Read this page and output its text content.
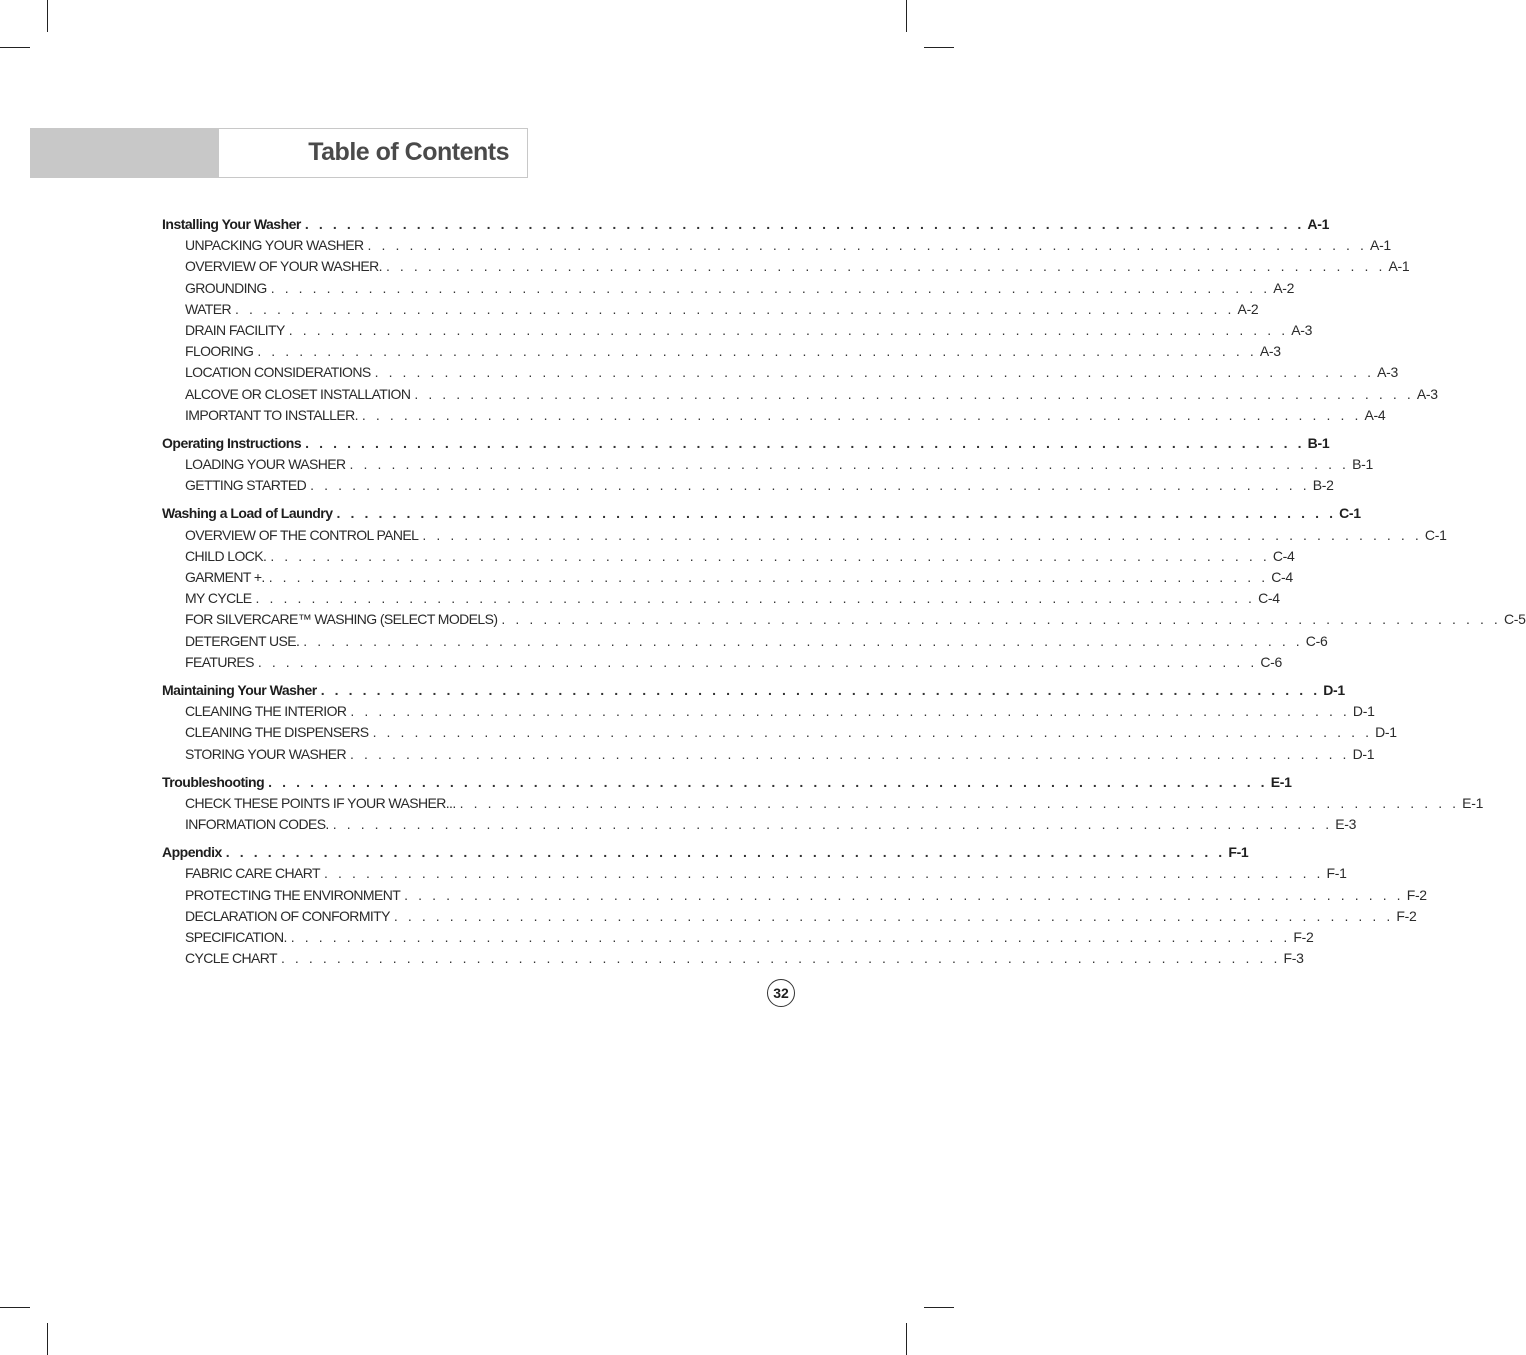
Table of Contents
Installing Your Washer . . . . . . . . . . . . . . . . . . . . . . . . . . . . . . . . . . . . . . . . . . . . . . . . . . . . . . . . . . . . . . . . . . . . . . . . A-1
UNPACKING YOUR WASHER . . . . . . . . . . . . . . . . . . . . . . . . . . . . . . . . . . . . . . . . . . . . . . . . . . . . . . . . . . . . . . . . . . . . . . . . A-1
OVERVIEW OF YOUR WASHER. . . . . . . . . . . . . . . . . . . . . . . . . . . . . . . . . . . . . . . . . . . . . . . . . . . . . . . . . . . . . . . . . . . . . . . . . A-1
GROUNDING . . . . . . . . . . . . . . . . . . . . . . . . . . . . . . . . . . . . . . . . . . . . . . . . . . . . . . . . . . . . . . . . . . . . . . . . A-2
WATER . . . . . . . . . . . . . . . . . . . . . . . . . . . . . . . . . . . . . . . . . . . . . . . . . . . . . . . . . . . . . . . . . . . . . . . . A-2
DRAIN FACILITY . . . . . . . . . . . . . . . . . . . . . . . . . . . . . . . . . . . . . . . . . . . . . . . . . . . . . . . . . . . . . . . . . . . . . . . . A-3
FLOORING . . . . . . . . . . . . . . . . . . . . . . . . . . . . . . . . . . . . . . . . . . . . . . . . . . . . . . . . . . . . . . . . . . . . . . . . A-3
LOCATION CONSIDERATIONS . . . . . . . . . . . . . . . . . . . . . . . . . . . . . . . . . . . . . . . . . . . . . . . . . . . . . . . . . . . . . . . . . . . . . . . . A-3
ALCOVE OR CLOSET INSTALLATION . . . . . . . . . . . . . . . . . . . . . . . . . . . . . . . . . . . . . . . . . . . . . . . . . . . . . . . . . . . . . . . . . . . . . . . . A-3
IMPORTANT TO INSTALLER. . . . . . . . . . . . . . . . . . . . . . . . . . . . . . . . . . . . . . . . . . . . . . . . . . . . . . . . . . . . . . . . . . . . . . . . . A-4
Operating Instructions . . . . . . . . . . . . . . . . . . . . . . . . . . . . . . . . . . . . . . . . . . . . . . . . . . . . . . . . . . . . . . . . . . . . . . . . B-1
LOADING YOUR WASHER . . . . . . . . . . . . . . . . . . . . . . . . . . . . . . . . . . . . . . . . . . . . . . . . . . . . . . . . . . . . . . . . . . . . . . . . B-1
GETTING STARTED . . . . . . . . . . . . . . . . . . . . . . . . . . . . . . . . . . . . . . . . . . . . . . . . . . . . . . . . . . . . . . . . . . . . . . . . B-2
Washing a Load of Laundry . . . . . . . . . . . . . . . . . . . . . . . . . . . . . . . . . . . . . . . . . . . . . . . . . . . . . . . . . . . . . . . . . . . . . . . . C-1
OVERVIEW OF THE CONTROL PANEL . . . . . . . . . . . . . . . . . . . . . . . . . . . . . . . . . . . . . . . . . . . . . . . . . . . . . . . . . . . . . . . . . . . . . . . . C-1
CHILD LOCK. . . . . . . . . . . . . . . . . . . . . . . . . . . . . . . . . . . . . . . . . . . . . . . . . . . . . . . . . . . . . . . . . . . . . . . . . C-4
GARMENT +. . . . . . . . . . . . . . . . . . . . . . . . . . . . . . . . . . . . . . . . . . . . . . . . . . . . . . . . . . . . . . . . . . . . . . . . . C-4
MY CYCLE . . . . . . . . . . . . . . . . . . . . . . . . . . . . . . . . . . . . . . . . . . . . . . . . . . . . . . . . . . . . . . . . . . . . . . . . C-4
FOR SILVERCARE™ WASHING (SELECT MODELS) . . . . . . . . . . . . . . . . . . . . . . . . . . . . . . . . . . . . . . . . . . . . . . . . . . . . . . . . . . . . . . . . . . . . . . . . C-5
DETERGENT USE. . . . . . . . . . . . . . . . . . . . . . . . . . . . . . . . . . . . . . . . . . . . . . . . . . . . . . . . . . . . . . . . . . . . . . . . . C-6
FEATURES . . . . . . . . . . . . . . . . . . . . . . . . . . . . . . . . . . . . . . . . . . . . . . . . . . . . . . . . . . . . . . . . . . . . . . . . C-6
Maintaining Your Washer . . . . . . . . . . . . . . . . . . . . . . . . . . . . . . . . . . . . . . . . . . . . . . . . . . . . . . . . . . . . . . . . . . . . . . . . D-1
CLEANING THE INTERIOR . . . . . . . . . . . . . . . . . . . . . . . . . . . . . . . . . . . . . . . . . . . . . . . . . . . . . . . . . . . . . . . . . . . . . . . . D-1
CLEANING THE DISPENSERS . . . . . . . . . . . . . . . . . . . . . . . . . . . . . . . . . . . . . . . . . . . . . . . . . . . . . . . . . . . . . . . . . . . . . . . . D-1
STORING YOUR WASHER . . . . . . . . . . . . . . . . . . . . . . . . . . . . . . . . . . . . . . . . . . . . . . . . . . . . . . . . . . . . . . . . . . . . . . . . D-1
Troubleshooting . . . . . . . . . . . . . . . . . . . . . . . . . . . . . . . . . . . . . . . . . . . . . . . . . . . . . . . . . . . . . . . . . . . . . . . . E-1
CHECK THESE POINTS IF YOUR WASHER... . . . . . . . . . . . . . . . . . . . . . . . . . . . . . . . . . . . . . . . . . . . . . . . . . . . . . . . . . . . . . . . . . . . . . . . . E-1
INFORMATION CODES. . . . . . . . . . . . . . . . . . . . . . . . . . . . . . . . . . . . . . . . . . . . . . . . . . . . . . . . . . . . . . . . . . . . . . . . . E-3
Appendix . . . . . . . . . . . . . . . . . . . . . . . . . . . . . . . . . . . . . . . . . . . . . . . . . . . . . . . . . . . . . . . . . . . . . . . . F-1
FABRIC CARE CHART . . . . . . . . . . . . . . . . . . . . . . . . . . . . . . . . . . . . . . . . . . . . . . . . . . . . . . . . . . . . . . . . . . . . . . . . F-1
PROTECTING THE ENVIRONMENT . . . . . . . . . . . . . . . . . . . . . . . . . . . . . . . . . . . . . . . . . . . . . . . . . . . . . . . . . . . . . . . . . . . . . . . . F-2
DECLARATION OF CONFORMITY . . . . . . . . . . . . . . . . . . . . . . . . . . . . . . . . . . . . . . . . . . . . . . . . . . . . . . . . . . . . . . . . . . . . . . . . F-2
SPECIFICATION. . . . . . . . . . . . . . . . . . . . . . . . . . . . . . . . . . . . . . . . . . . . . . . . . . . . . . . . . . . . . . . . . . . . . . . . . F-2
CYCLE CHART . . . . . . . . . . . . . . . . . . . . . . . . . . . . . . . . . . . . . . . . . . . . . . . . . . . . . . . . . . . . . . . . . . . . . . . . F-3
32
